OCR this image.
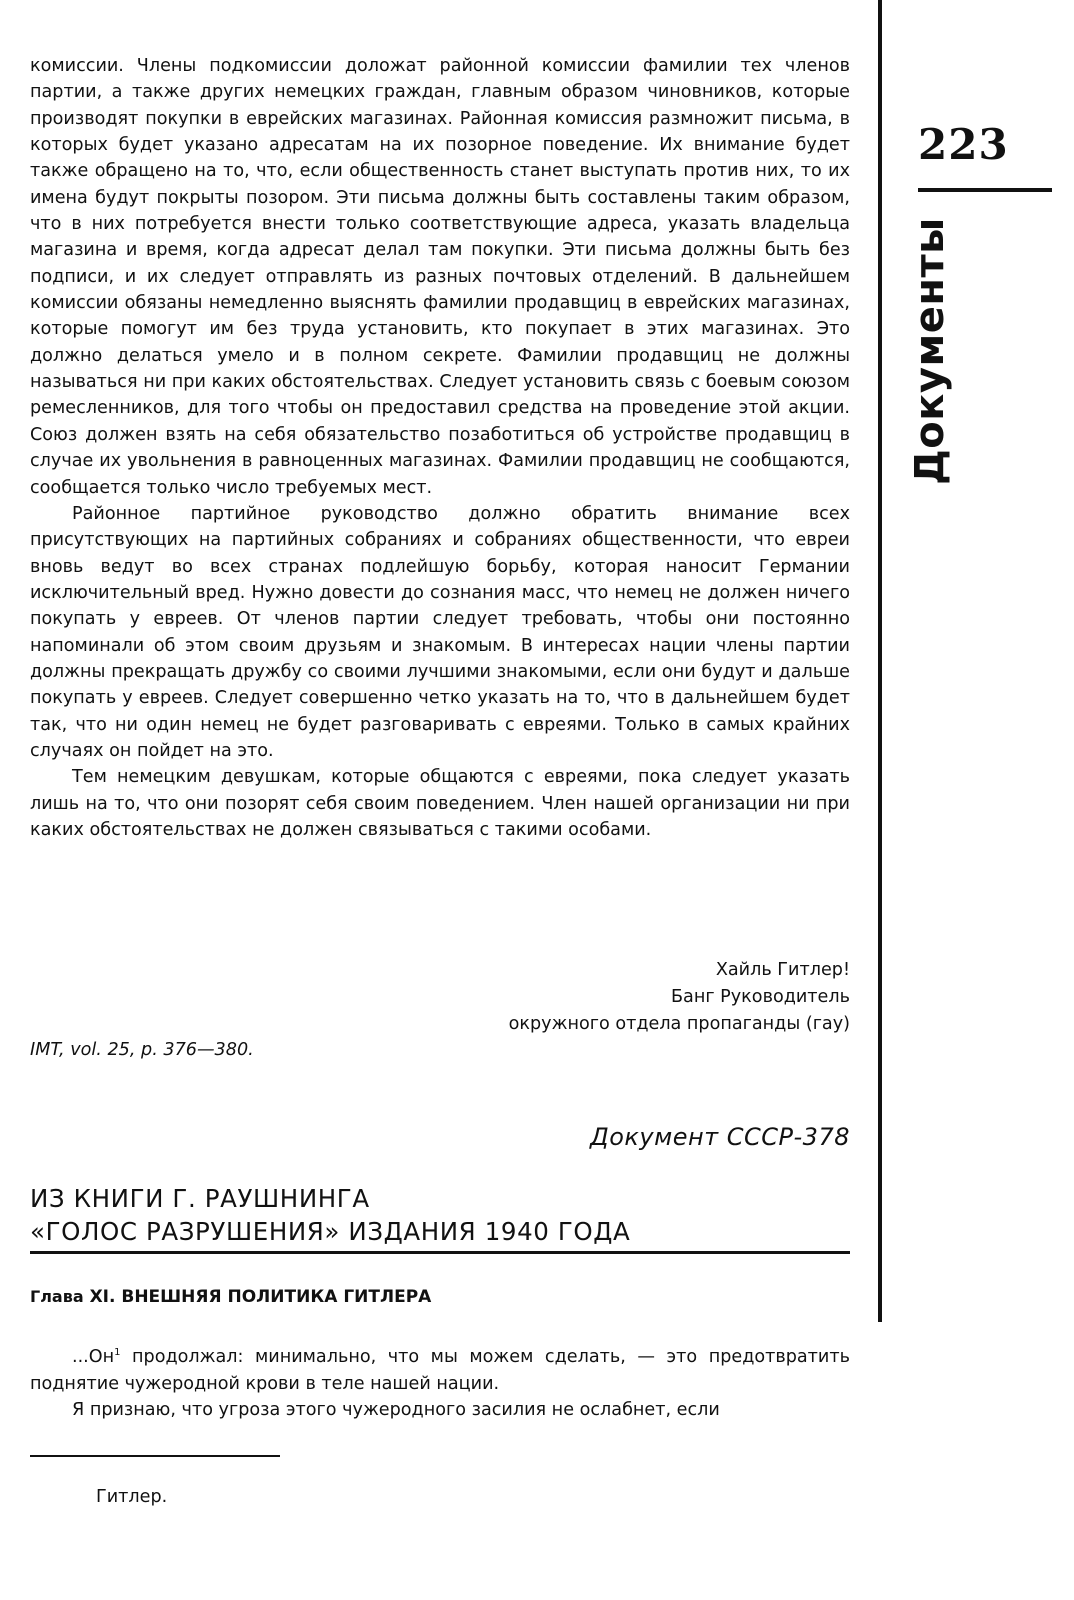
комиссии. Члены подкомиссии доложат районной комиссии фамилии тех членов партии, а также других немецких граждан, главным образом чиновников, которые производят покупки в еврейских магазинах. Районная комиссия размножит письма, в которых будет указано адресатам на их позорное поведение. Их внимание будет также обращено на то, что, если общественность станет выступать против них, то их имена будут покрыты позором. Эти письма должны быть составлены таким образом, что в них потребуется внести только соответствующие адреса, указать владельца магазина и время, когда адресат делал там покупки. Эти письма должны быть без подписи, и их следует отправлять из разных почтовых отделений. В дальнейшем комиссии обязаны немедленно выяснять фамилии продавщиц в еврейских магазинах, которые помогут им без труда установить, кто покупает в этих магазинах. Это должно делаться умело и в полном секрете. Фамилии продавщиц не должны называться ни при каких обстоятельствах. Следует установить связь с боевым союзом ремесленников, для того чтобы он предоставил средства на проведение этой акции. Союз должен взять на себя обязательство позаботиться об устройстве продавщиц в случае их увольнения в равноценных магазинах. Фамилии продавщиц не сообщаются, сообщается только число требуемых мест.

Районное партийное руководство должно обратить внимание всех присутствующих на партийных собраниях и собраниях общественности, что евреи вновь ведут во всех странах подлейшую борьбу, которая наносит Германии исключительный вред. Нужно довести до сознания масс, что немец не должен ничего покупать у евреев. От членов партии следует требовать, чтобы они постоянно напоминали об этом своим друзьям и знакомым. В интересах нации члены партии должны прекращать дружбу со своими лучшими знакомыми, если они будут и дальше покупать у евреев. Следует совершенно четко указать на то, что в дальнейшем будет так, что ни один немец не будет разговаривать с евреями. Только в самых крайних случаях он пойдет на это.

Тем немецким девушкам, которые общаются с евреями, пока следует указать лишь на то, что они позорят себя своим поведением. Член нашей организации ни при каких обстоятельствах не должен связываться с такими особами.

Хайль Гитлер!
Банг Руководитель
окружного отдела пропаганды (гау)
IMT, vol. 25, p. 376—380.
Документ СССР-378
ИЗ КНИГИ Г. РАУШНИНГА
«ГОЛОС РАЗРУШЕНИЯ» ИЗДАНИЯ 1940 ГОДА
Глава XI. ВНЕШНЯЯ ПОЛИТИКА ГИТЛЕРА

$...Он^1$ продолжал: минимально, что мы можем сделать, — это предотвратить поднятие чужеродной крови в теле нашей нации.

Я признаю, что угроза этого чужеродного засилия не ослабнет, если

Гитлер.
223
Документы
